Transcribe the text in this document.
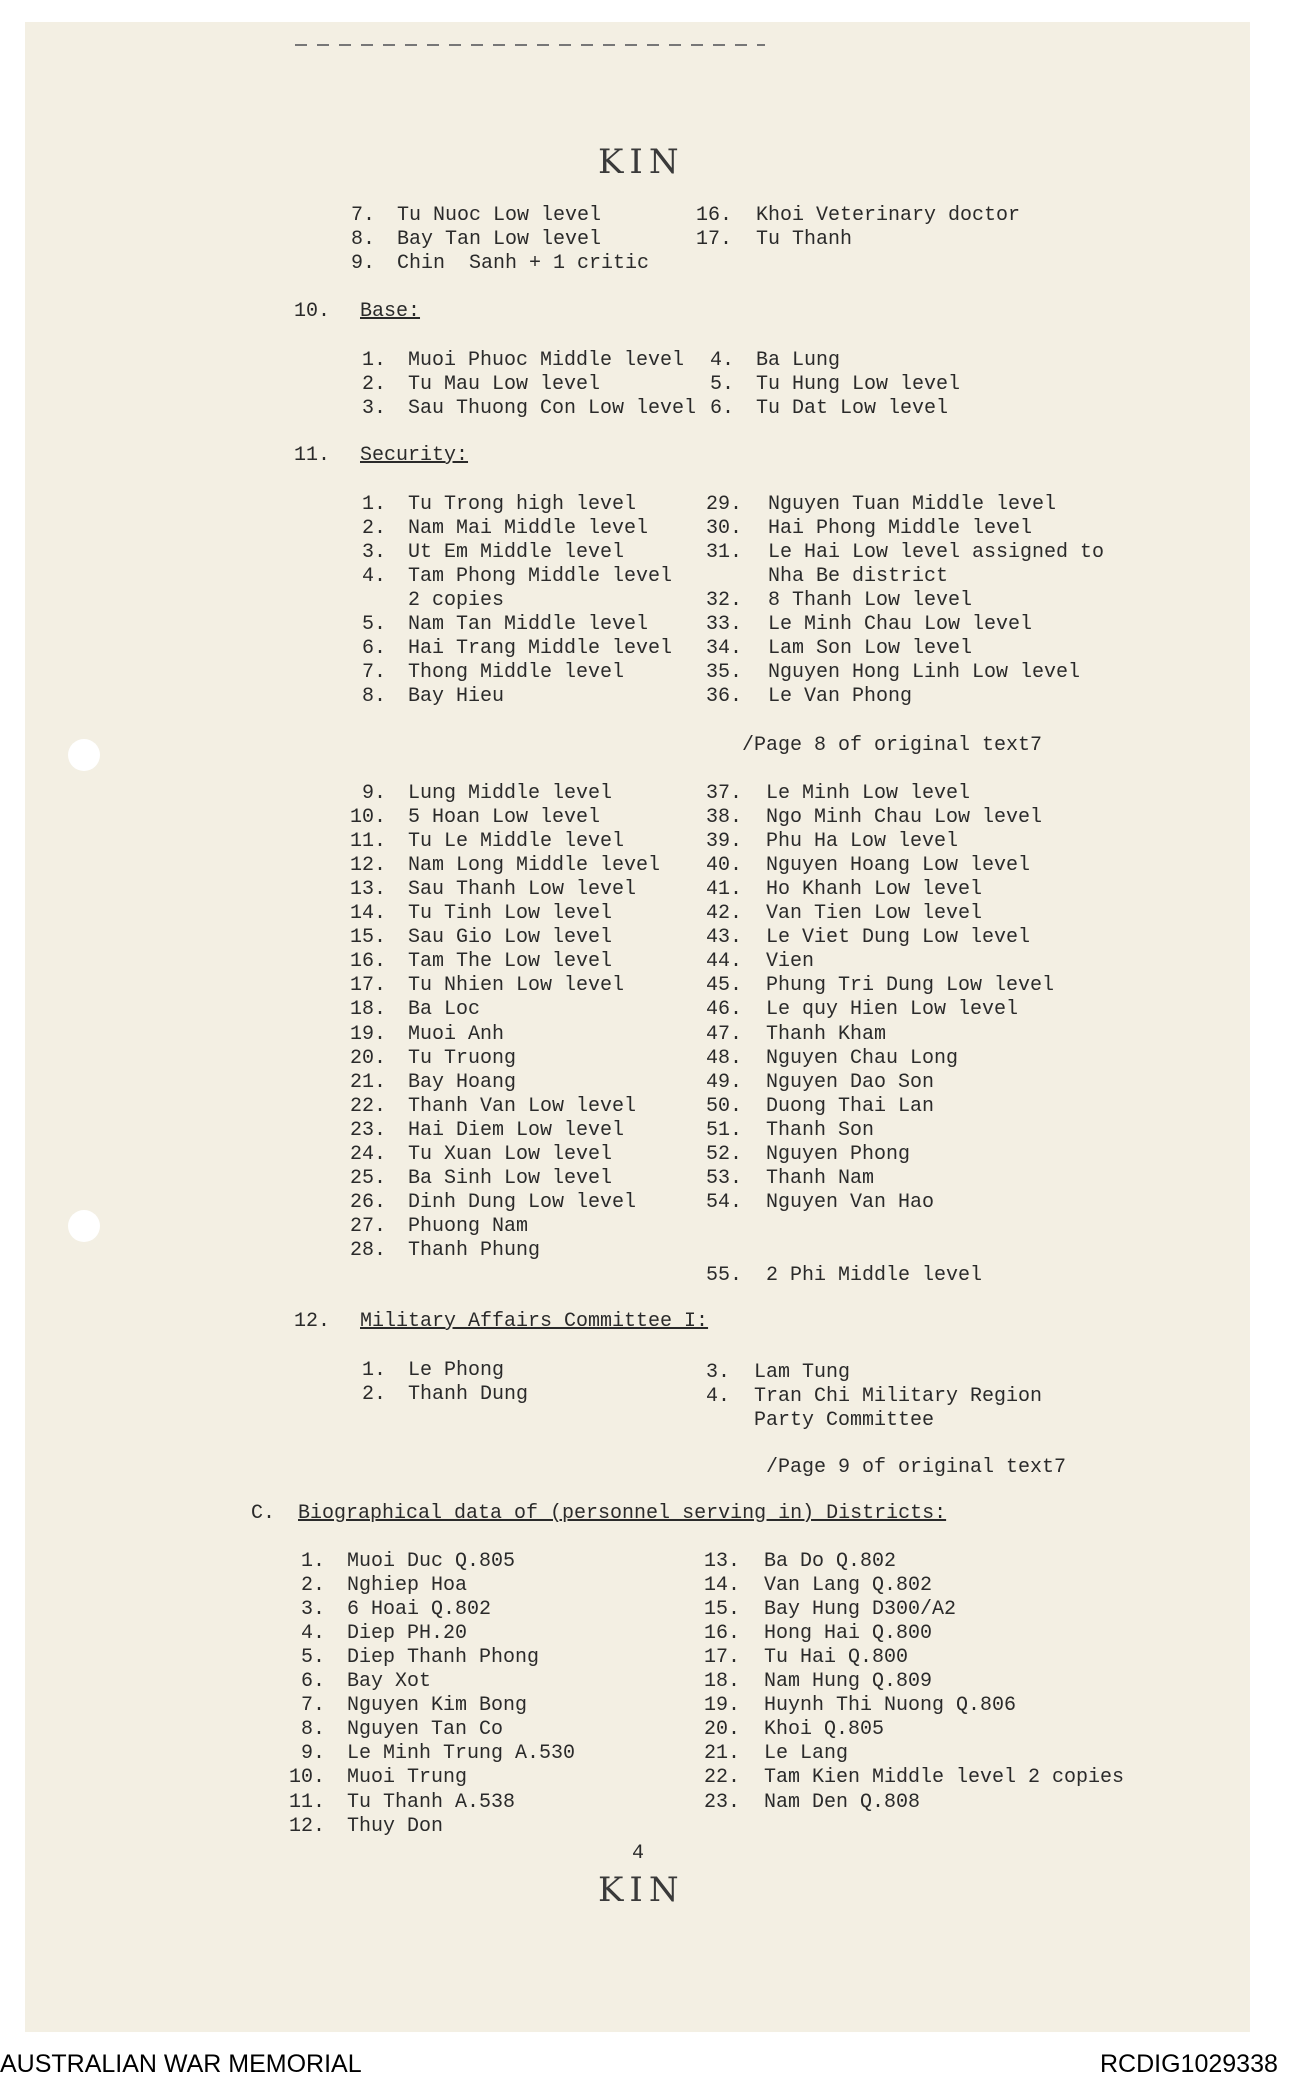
KIN
7. Tu Nuoc Low level
8. Bay Tan Low level
9. Chin  Sanh + 1 critic
16. Khoi Veterinary doctor
17. Tu Thanh
10. Base:
1. Muoi Phuoc Middle level
2. Tu Mau Low level
3. Sau Thuong Con Low level
4. Ba Lung
5. Tu Hung Low level
6. Tu Dat Low level
11. Security:
1. Tu Trong high level
2. Nam Mai Middle level
3. Ut Em Middle level
4. Tam Phong Middle level
2 copies
5. Nam Tan Middle level
6. Hai Trang Middle level
7. Thong Middle level
8. Bay Hieu
29. Nguyen Tuan Middle level
30. Hai Phong Middle level
31. Le Hai Low level assigned to
Nha Be district
32. 8 Thanh Low level
33. Le Minh Chau Low level
34. Lam Son Low level
35. Nguyen Hong Linh Low level
36. Le Van Phong
/Page 8 of original text7
9. Lung Middle level
10. 5 Hoan Low level
11. Tu Le Middle level
12. Nam Long Middle level
13. Sau Thanh Low level
14. Tu Tinh Low level
15. Sau Gio Low level
16. Tam The Low level
17. Tu Nhien Low level
18. Ba Loc
19. Muoi Anh
20. Tu Truong
21. Bay Hoang
22. Thanh Van Low level
23. Hai Diem Low level
24. Tu Xuan Low level
25. Ba Sinh Low level
26. Dinh Dung Low level
27. Phuong Nam
28. Thanh Phung
37. Le Minh Low level
38. Ngo Minh Chau Low level
39. Phu Ha Low level
40. Nguyen Hoang Low level
41. Ho Khanh Low level
42. Van Tien Low level
43. Le Viet Dung Low level
44. Vien
45. Phung Tri Dung Low level
46. Le quy Hien Low level
47. Thanh Kham
48. Nguyen Chau Long
49. Nguyen Dao Son
50. Duong Thai Lan
51. Thanh Son
52. Nguyen Phong
53. Thanh Nam
54. Nguyen Van Hao
55. 2 Phi Middle level
12. Military Affairs Committee I:
1. Le Phong
2. Thanh Dung
3. Lam Tung
4. Tran Chi Military Region
Party Committee
/Page 9 of original text7
C. Biographical data of (personnel serving in) Districts:
1. Muoi Duc Q.805
2. Nghiep Hoa
3. 6 Hoai Q.802
4. Diep PH.20
5. Diep Thanh Phong
6. Bay Xot
7. Nguyen Kim Bong
8. Nguyen Tan Co
9. Le Minh Trung A.530
10. Muoi Trung
11. Tu Thanh A.538
12. Thuy Don
13. Ba Do Q.802
14. Van Lang Q.802
15. Bay Hung D300/A2
16. Hong Hai Q.800
17. Tu Hai Q.800
18. Nam Hung Q.809
19. Huynh Thi Nuong Q.806
20. Khoi Q.805
21. Le Lang
22. Tam Kien Middle level 2 copies
23. Nam Den Q.808
4
KIN
AUSTRALIAN WAR MEMORIAL	RCDIG1029338
